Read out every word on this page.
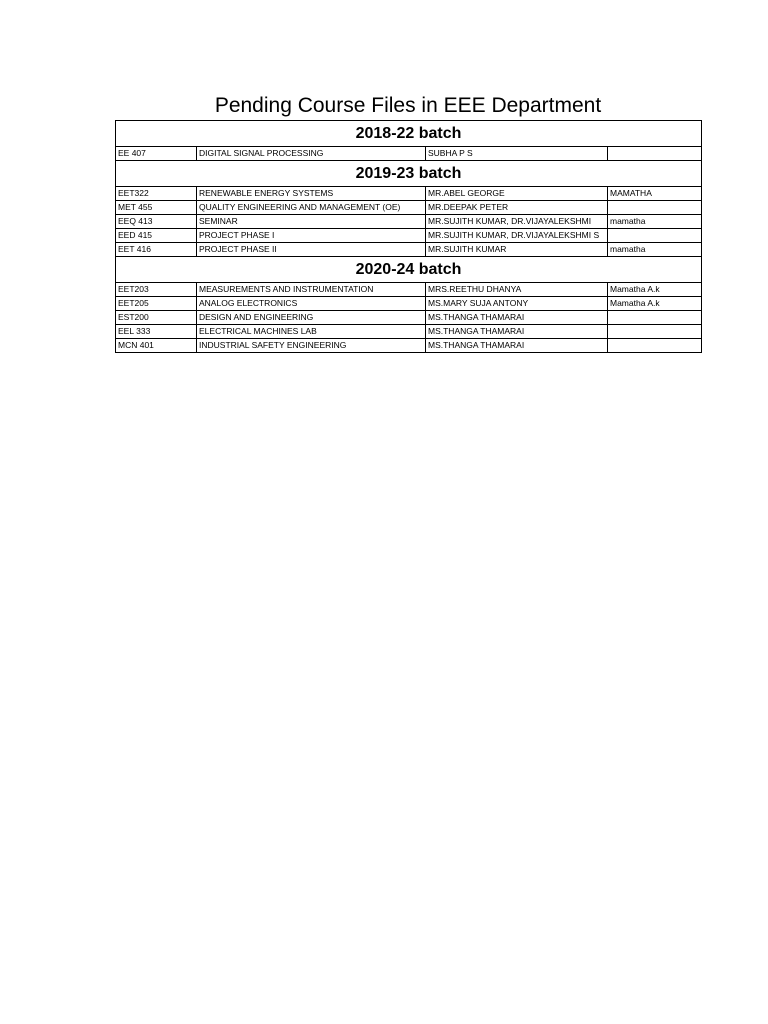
Pending Course Files in EEE Department
2018-22 batch			
EE 407	DIGITAL SIGNAL PROCESSING	SUBHA P S	
2019-23 batch			
EET322	RENEWABLE ENERGY SYSTEMS	MR.ABEL GEORGE	MAMATHA
MET 455	QUALITY ENGINEERING AND MANAGEMENT (OE)	MR.DEEPAK PETER	
EEQ 413	SEMINAR	MR.SUJITH KUMAR, DR.VIJAYALEKSHMI	mamatha
EED 415	PROJECT PHASE I	MR.SUJITH KUMAR, DR.VIJAYALEKSHMI S	
EET 416	PROJECT PHASE II	MR.SUJITH KUMAR	mamatha
2020-24 batch			
EET203	MEASUREMENTS AND INSTRUMENTATION	MRS.REETHU DHANYA	Mamatha A.k
EET205	ANALOG ELECTRONICS	MS.MARY SUJA ANTONY	Mamatha A.k
EST200	DESIGN AND ENGINEERING	MS.THANGA THAMARAI	
EEL 333	ELECTRICAL MACHINES LAB	MS.THANGA THAMARAI	
MCN 401	INDUSTRIAL SAFETY ENGINEERING	MS.THANGA THAMARAI	
